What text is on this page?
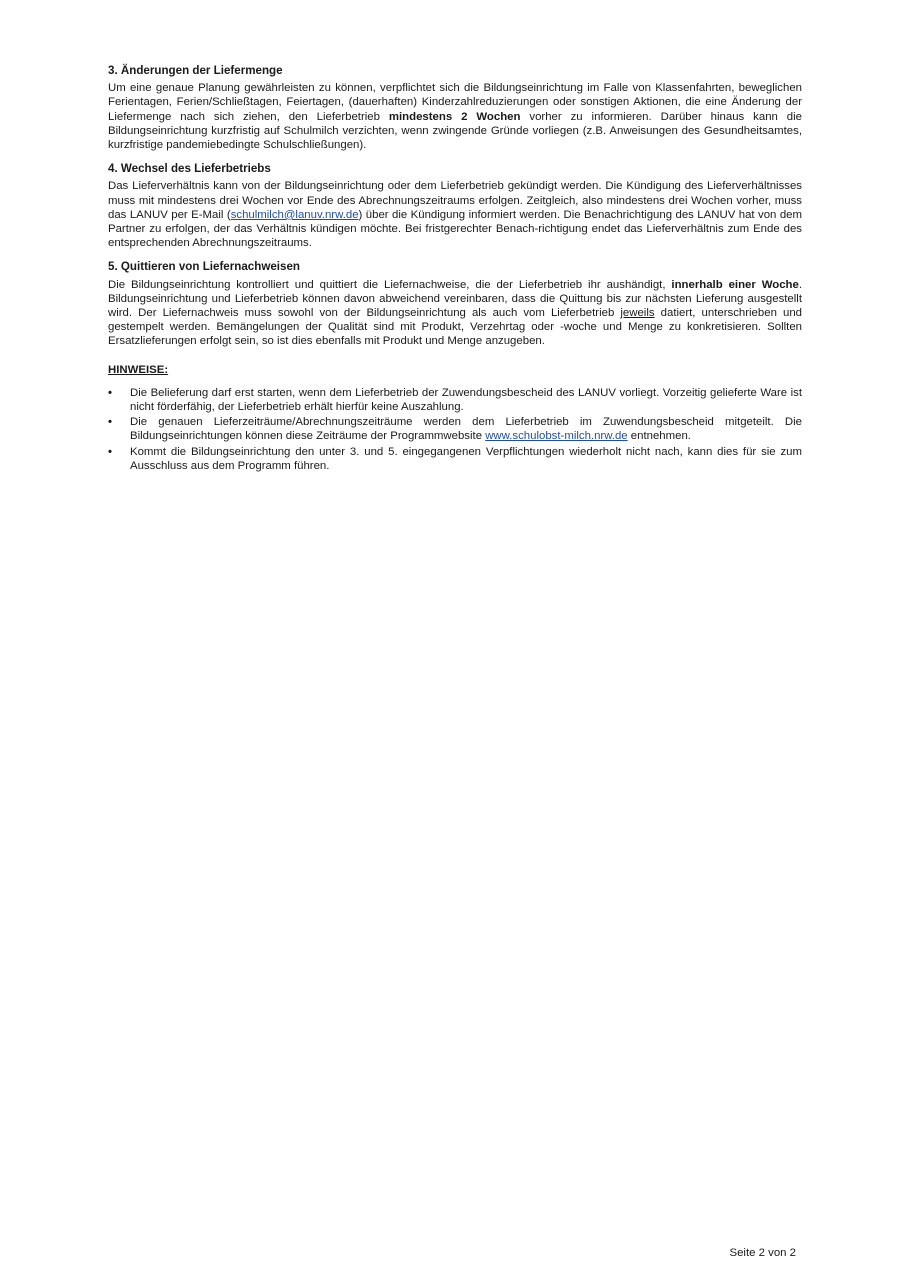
3. Änderungen der Liefermenge

Um eine genaue Planung gewährleisten zu können, verpflichtet sich die Bildungseinrichtung im Falle von Klassenfahrten, beweglichen Ferientagen, Ferien/Schließtagen, Feiertagen, (dauerhaften) Kinderzahlreduzierungen oder sonstigen Aktionen, die eine Änderung der Liefermenge nach sich ziehen, den Lieferbetrieb mindestens 2 Wochen vorher zu informieren. Darüber hinaus kann die Bildungseinrichtung kurzfristig auf Schulmilch verzichten, wenn zwingende Gründe vorliegen (z.B. Anweisungen des Gesundheitsamtes, kurzfristige pandemiebedingte Schulschließungen).

4. Wechsel des Lieferbetriebs

Das Lieferverhältnis kann von der Bildungseinrichtung oder dem Lieferbetrieb gekündigt werden. Die Kündigung des Lieferverhältnisses muss mit mindestens drei Wochen vor Ende des Abrechnungszeitraums erfolgen. Zeitgleich, also mindestens drei Wochen vorher, muss das LANUV per E-Mail (schulmilch@lanuv.nrw.de) über die Kündigung informiert werden. Die Benachrichtigung des LANUV hat von dem Partner zu erfolgen, der das Verhältnis kündigen möchte. Bei fristgerechter Benach-richtigung endet das Lieferverhältnis zum Ende des entsprechenden Abrechnungszeitraums.

5. Quittieren von Liefernachweisen

Die Bildungseinrichtung kontrolliert und quittiert die Liefernachweise, die der Lieferbetrieb ihr aushändigt, innerhalb einer Woche. Bildungseinrichtung und Lieferbetrieb können davon abweichend vereinbaren, dass die Quittung bis zur nächsten Lieferung ausgestellt wird. Der Liefernachweis muss sowohl von der Bildungseinrichtung als auch vom Lieferbetrieb jeweils datiert, unterschrieben und gestempelt werden. Bemängelungen der Qualität sind mit Produkt, Verzehrtag oder -woche und Menge zu konkretisieren. Sollten Ersatzlieferungen erfolgt sein, so ist dies ebenfalls mit Produkt und Menge anzugeben.

HINWEISE:
• Die Belieferung darf erst starten, wenn dem Lieferbetrieb der Zuwendungsbescheid des LANUV vorliegt. Vorzeitig gelieferte Ware ist nicht förderfähig, der Lieferbetrieb erhält hierfür keine Auszahlung.
• Die genauen Lieferzeiträume/Abrechnungszeiträume werden dem Lieferbetrieb im Zuwendungsbescheid mitgeteilt. Die Bildungseinrichtungen können diese Zeiträume der Programmwebsite www.schulobst-milch.nrw.de entnehmen.
• Kommt die Bildungseinrichtung den unter 3. und 5. eingegangenen Verpflichtungen wiederholt nicht nach, kann dies für sie zum Ausschluss aus dem Programm führen.
Seite 2 von 2
